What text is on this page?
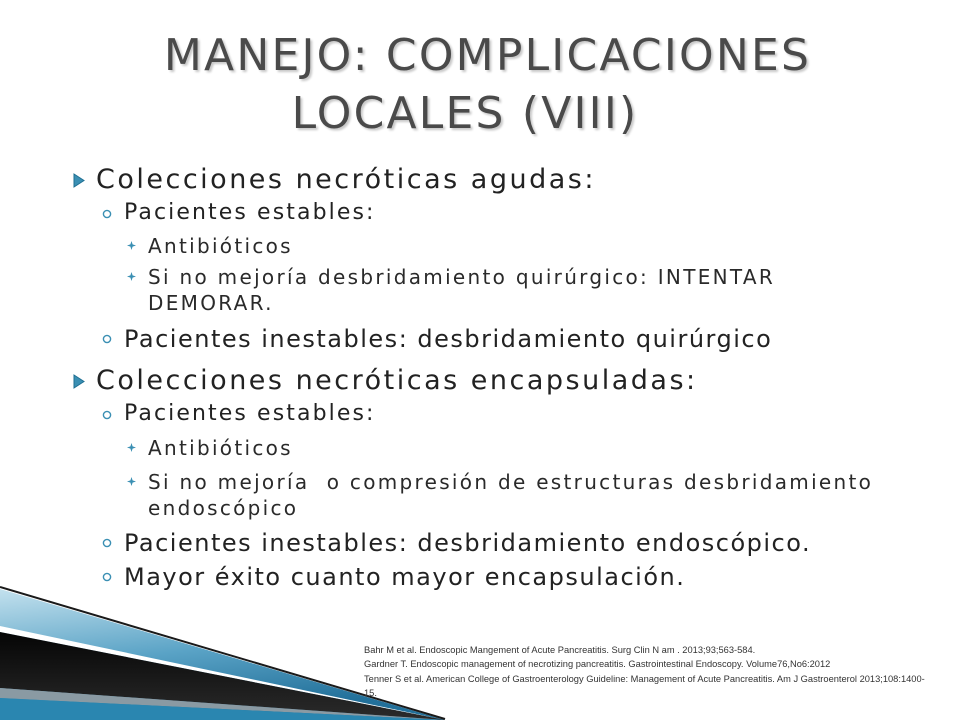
MANEJO: COMPLICACIONES
LOCALES (VIII)
Colecciones necróticas agudas:
Pacientes estables:
Antibióticos
Si no mejoría desbridamiento quirúrgico: INTENTAR DEMORAR.
Pacientes inestables: desbridamiento quirúrgico
Colecciones necróticas encapsuladas:
Pacientes estables:
Antibióticos
Si no mejoría  o compresión de estructuras desbridamiento endoscópico
Pacientes inestables: desbridamiento endoscópico.
Mayor éxito cuanto mayor encapsulación.
Bahr M et al. Endoscopic Mangement of Acute Pancreatitis. Surg Clin N am . 2013;93;563-584.
Gardner T. Endoscopic management of necrotizing pancreatitis. Gastrointestinal Endoscopy. Volume76,No6:2012
Tenner S et al. American College of Gastroenterology Guideline: Management of Acute Pancreatitis. Am J Gastroenterol 2013;108:1400-
15.
